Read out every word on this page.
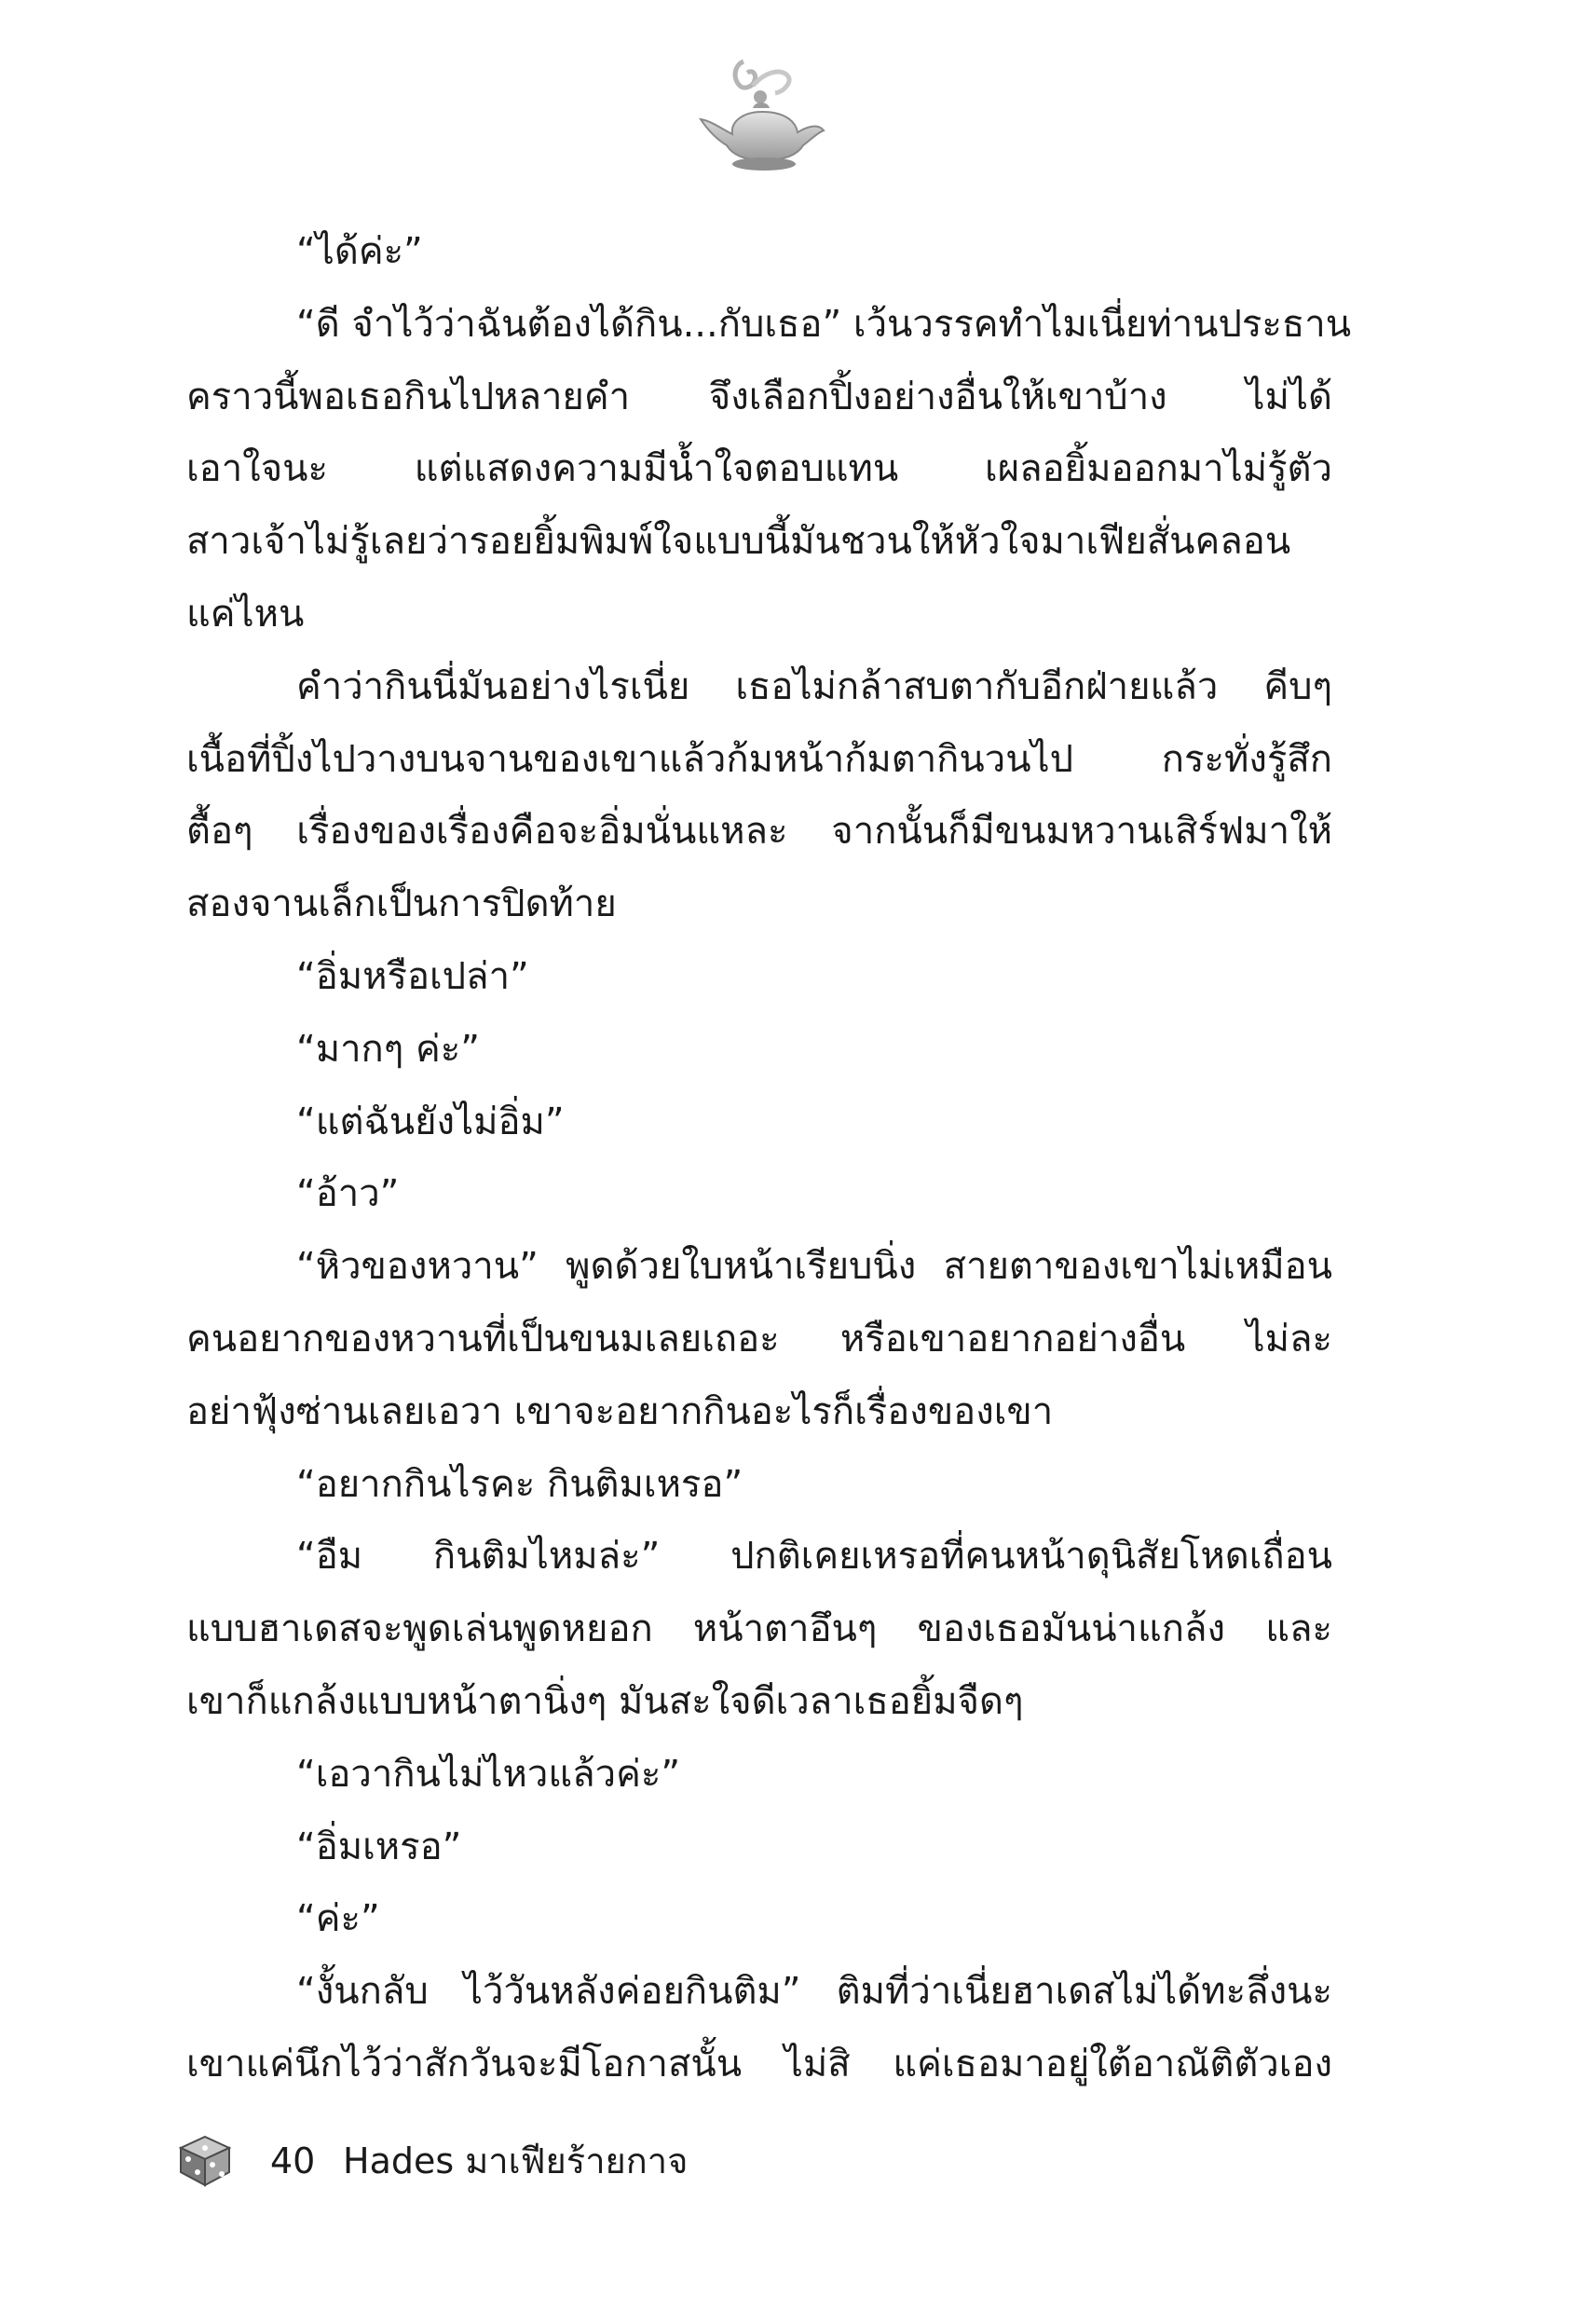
“ได้ค่ะ”

“ดี จำไว้ว่าฉันต้องได้กิน...กับเธอ” เว้นวรรคทำไมเนี่ยท่านประธาน

คราวนี้พอเธอกินไปหลายคำ จึงเลือกปิ้งอย่างอื่นให้เขาบ้าง ไม่ได้

เอาใจนะ แต่แสดงความมีน้ำใจตอบแทน เผลอยิ้มออกมาไม่รู้ตัว

สาวเจ้าไม่รู้เลยว่ารอยยิ้มพิมพ์ใจแบบนี้มันชวนให้หัวใจมาเฟียสั่นคลอน

แค่ไหน

คำว่ากินนี่มันอย่างไรเนี่ย เธอไม่กล้าสบตากับอีกฝ่ายแล้ว คีบๆ

เนื้อที่ปิ้งไปวางบนจานของเขาแล้วก้มหน้าก้มตากินวนไป กระทั่งรู้สึก

ตื้อๆ เรื่องของเรื่องคือจะอิ่มนั่นแหละ จากนั้นก็มีขนมหวานเสิร์ฟมาให้

สองจานเล็กเป็นการปิดท้าย

“อิ่มหรือเปล่า”

“มากๆ ค่ะ”

“แต่ฉันยังไม่อิ่ม”

“อ้าว”

“หิวของหวาน” พูดด้วยใบหน้าเรียบนิ่ง สายตาของเขาไม่เหมือน

คนอยากของหวานที่เป็นขนมเลยเถอะ หรือเขาอยากอย่างอื่น ไม่ละ

อย่าฟุ้งซ่านเลยเอวา เขาจะอยากกินอะไรก็เรื่องของเขา

“อยากกินไรคะ กินติมเหรอ”

“อืม กินติมไหมล่ะ” ปกติเคยเหรอที่คนหน้าดุนิสัยโหดเถื่อน

แบบฮาเดสจะพูดเล่นพูดหยอก หน้าตาอึนๆ ของเธอมันน่าแกล้ง และ

เขาก็แกล้งแบบหน้าตานิ่งๆ มันสะใจดีเวลาเธอยิ้มจืดๆ

“เอวากินไม่ไหวแล้วค่ะ”

“อิ่มเหรอ”

“ค่ะ”

“งั้นกลับ ไว้วันหลังค่อยกินติม” ติมที่ว่าเนี่ยฮาเดสไม่ได้ทะลึ่งนะ

เขาแค่นึกไว้ว่าสักวันจะมีโอกาสนั้น ไม่สิ แค่เธอมาอยู่ใต้อาณัติตัวเอง

40 Hades มาเฟียร้ายกาจ
